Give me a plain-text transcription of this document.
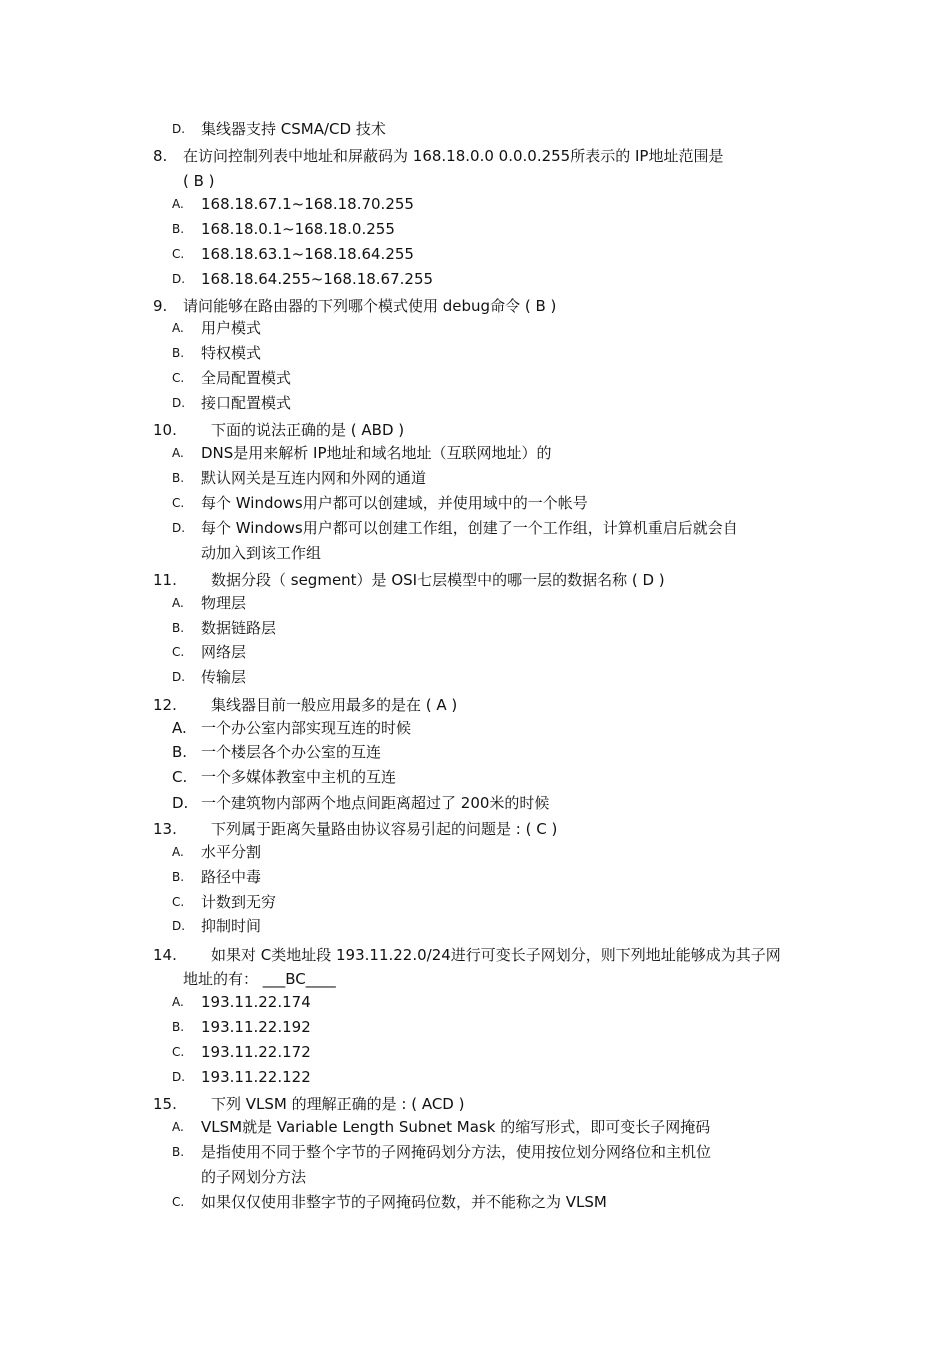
D. 集线器支持 CSMA/CD 技术
8. 在访问控制列表中地址和屏蔽码为 168.18.0.0 0.0.0.255所表示的 IP地址范围是
( B )
A. 168.18.67.1~168.18.70.255
B. 168.18.0.1~168.18.0.255
C. 168.18.63.1~168.18.64.255
D. 168.18.64.255~168.18.67.255
9. 请问能够在路由器的下列哪个模式使用 debug命令 ( B )
A. 用户模式
B. 特权模式
C. 全局配置模式
D. 接口配置模式
10. 下面的说法正确的是 ( ABD )
A. DNS是用来解析 IP地址和域名地址（互联网地址）的
B. 默认网关是互连内网和外网的通道
C. 每个 Windows用户都可以创建域，并使用域中的一个帐号
D. 每个 Windows用户都可以创建工作组，创建了一个工作组，计算机重启后就会自
动加入到该工作组
11. 数据分段（ segment）是 OSI七层模型中的哪一层的数据名称 ( D )
A. 物理层
B. 数据链路层
C. 网络层
D. 传输层
12. 集线器目前一般应用最多的是在 ( A )
A. 一个办公室内部实现互连的时候
B. 一个楼层各个办公室的互连
C. 一个多媒体教室中主机的互连
D. 一个建筑物内部两个地点间距离超过了 200米的时候
13. 下列属于距离矢量路由协议容易引起的问题是 : ( C )
A. 水平分割
B. 路径中毒
C. 计数到无穷
D. 抑制时间
14. 如果对 C类地址段 193.11.22.0/24进行可变长子网划分，则下列地址能够成为其子网
地址的有： ___BC____
A. 193.11.22.174
B. 193.11.22.192
C. 193.11.22.172
D. 193.11.22.122
15. 下列 VLSM 的理解正确的是 : ( ACD )
A. VLSM就是 Variable Length Subnet Mask 的缩写形式，即可变长子网掩码
B. 是指使用不同于整个字节的子网掩码划分方法，使用按位划分网络位和主机位
的子网划分方法
C. 如果仅仅使用非整字节的子网掩码位数，并不能称之为 VLSM
